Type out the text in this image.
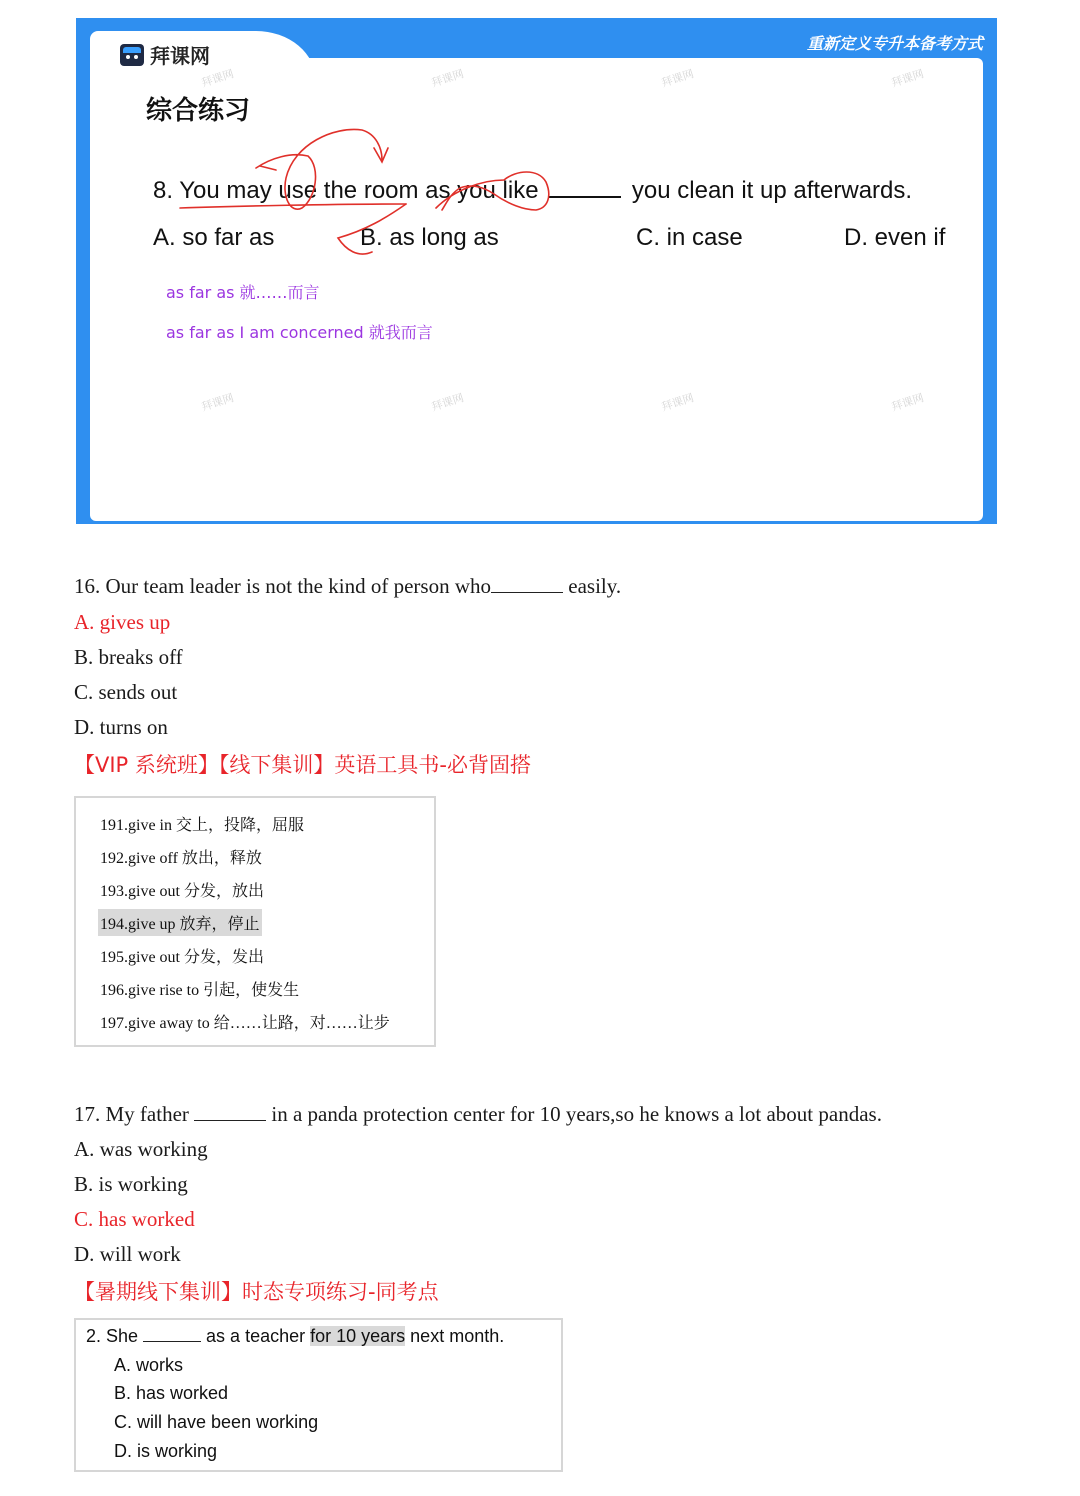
拜课网
重新定义专升本备考方式
综合练习
拜课网	拜课网	拜课网	拜课网
拜课网	拜课网	拜课网	拜课网
8. You may use the room as you like	you clean it up afterwards.
A. so far as	B. as long as	C. in case	D. even if
as far as 就……而言
as far as I am concerned 就我而言
16. Our team leader is not the kind of person who	easily.
A. gives up
B. breaks off
C. sends out
D. turns on
【VIP 系统班】【线下集训】英语工具书-必背固搭
191.give in 交上，投降，屈服
192.give off 放出，释放
193.give out 分发，放出
194.give up 放弃，停止
195.give out 分发，发出
196.give rise to 引起，使发生
197.give away to 给……让路，对……让步
17. My father	in a panda protection center for 10 years,so he knows a lot about pandas.
A. was working
B. is working
C. has worked
D. will work
【暑期线下集训】时态专项练习-同考点
2. She	as a teacher for 10 years next month.
A. works
B. has worked
C. will have been working
D. is working
